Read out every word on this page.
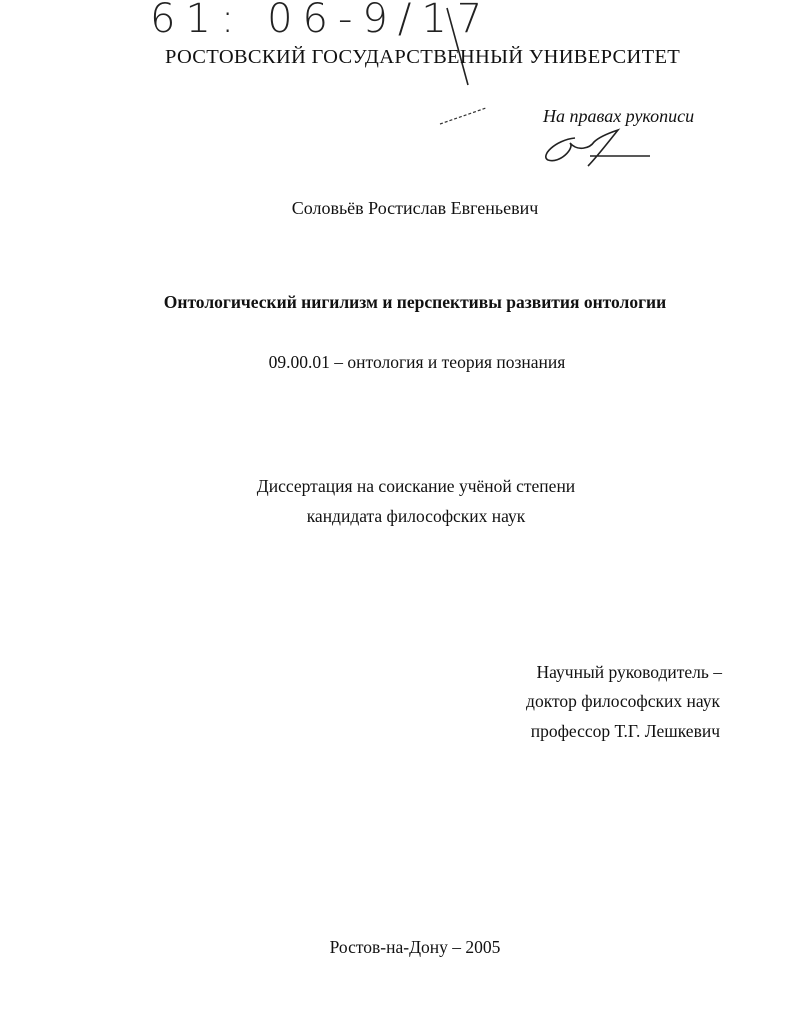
61: 06-9/17
РОСТОВСКИЙ ГОСУДАРСТВЕННЫЙ УНИВЕРСИТЕТ
На правах рукописи
Соловьёв Ростислав Евгеньевич
Онтологический нигилизм и перспективы развития онтологии
09.00.01 – онтология и теория познания
Диссертация на соискание учёной степени
кандидата философских наук
Научный руководитель –
доктор философских наук
профессор Т.Г. Лешкевич
Ростов-на-Дону – 2005
